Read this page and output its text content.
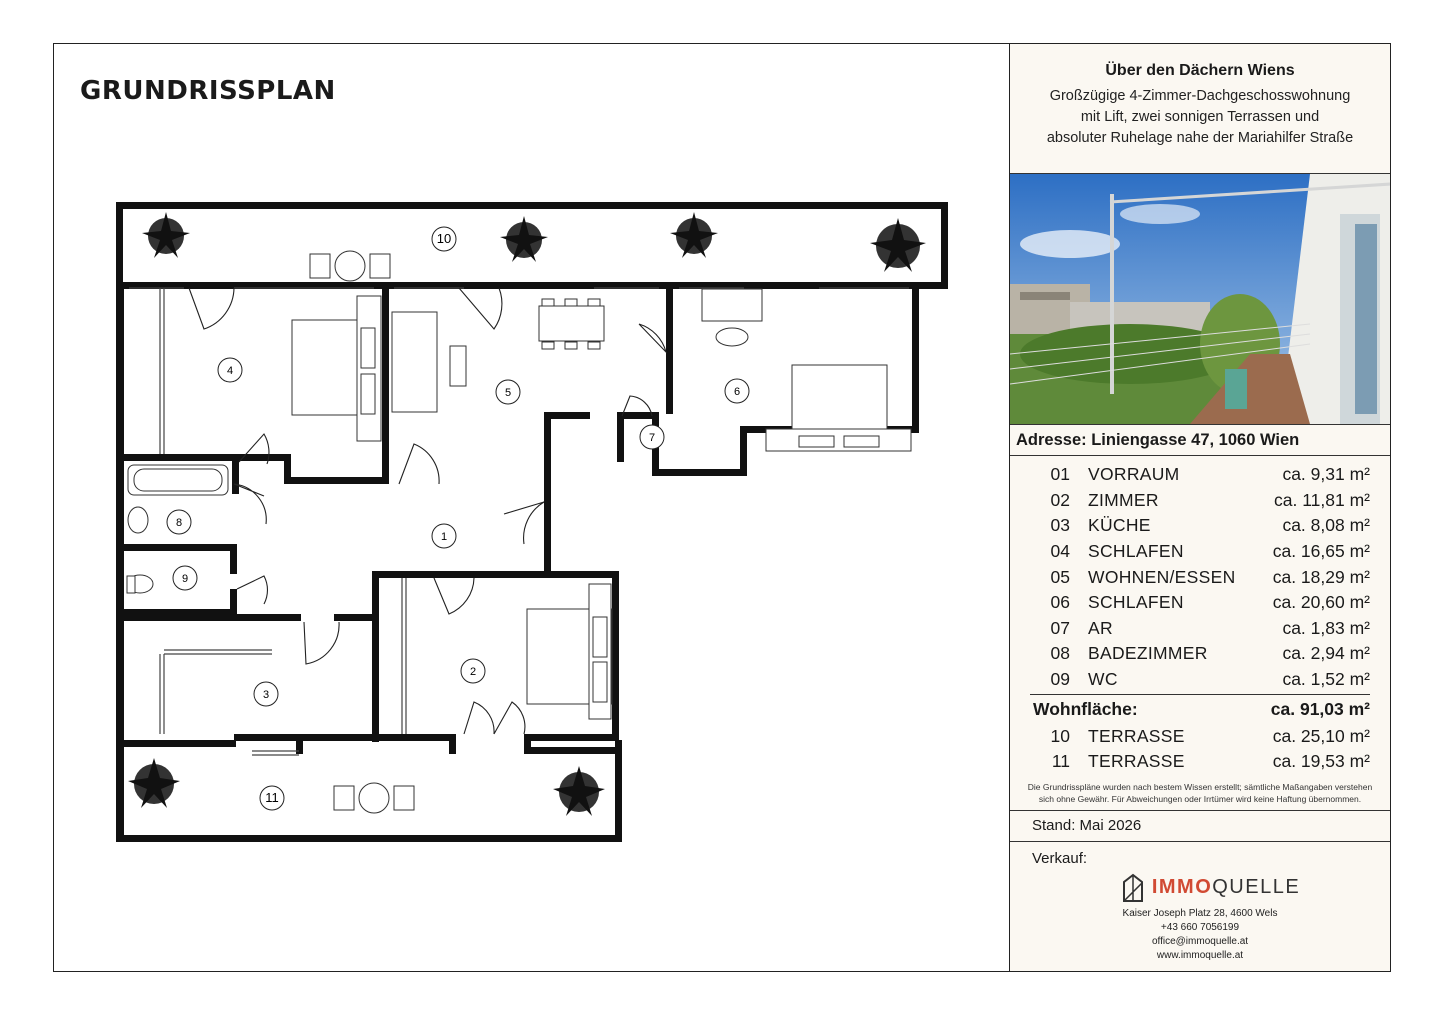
GRUNDRISSPLAN
1
2
3
4
5	6
7
8
9
10
11
Über den Dächern Wiens
Großzügige 4-Zimmer-Dachgeschosswohnung
mit Lift, zwei sonnigen Terrassen und
absoluter Ruhelage nahe der Mariahilfer Straße
Adresse: Liniengasse 47, 1060 Wien
01	VORRAUM	ca. 9,31 m²
02	ZIMMER	ca. 11,81 m²
03	KÜCHE	ca. 8,08 m²
04	SCHLAFEN	ca. 16,65 m²
05	WOHNEN/ESSEN	ca. 18,29 m²
06	SCHLAFEN	ca. 20,60 m²
07	AR	ca. 1,83 m²
08	BADEZIMMER	ca. 2,94 m²
09	WC	ca. 1,52 m²
Wohnfläche:	ca. 91,03 m²
10	TERRASSE	ca. 25,10 m²
11	TERRASSE	ca. 19,53 m²
Die Grundrisspläne wurden nach bestem Wissen erstellt; sämtliche Maßangaben verstehen
sich ohne Gewähr. Für Abweichungen oder Irrtümer wird keine Haftung übernommen.
Stand: Mai 2026
Verkauf:
IMMOQUELLE
Kaiser Joseph Platz 28, 4600 Wels
+43 660 7056199
office@immoquelle.at
www.immoquelle.at
